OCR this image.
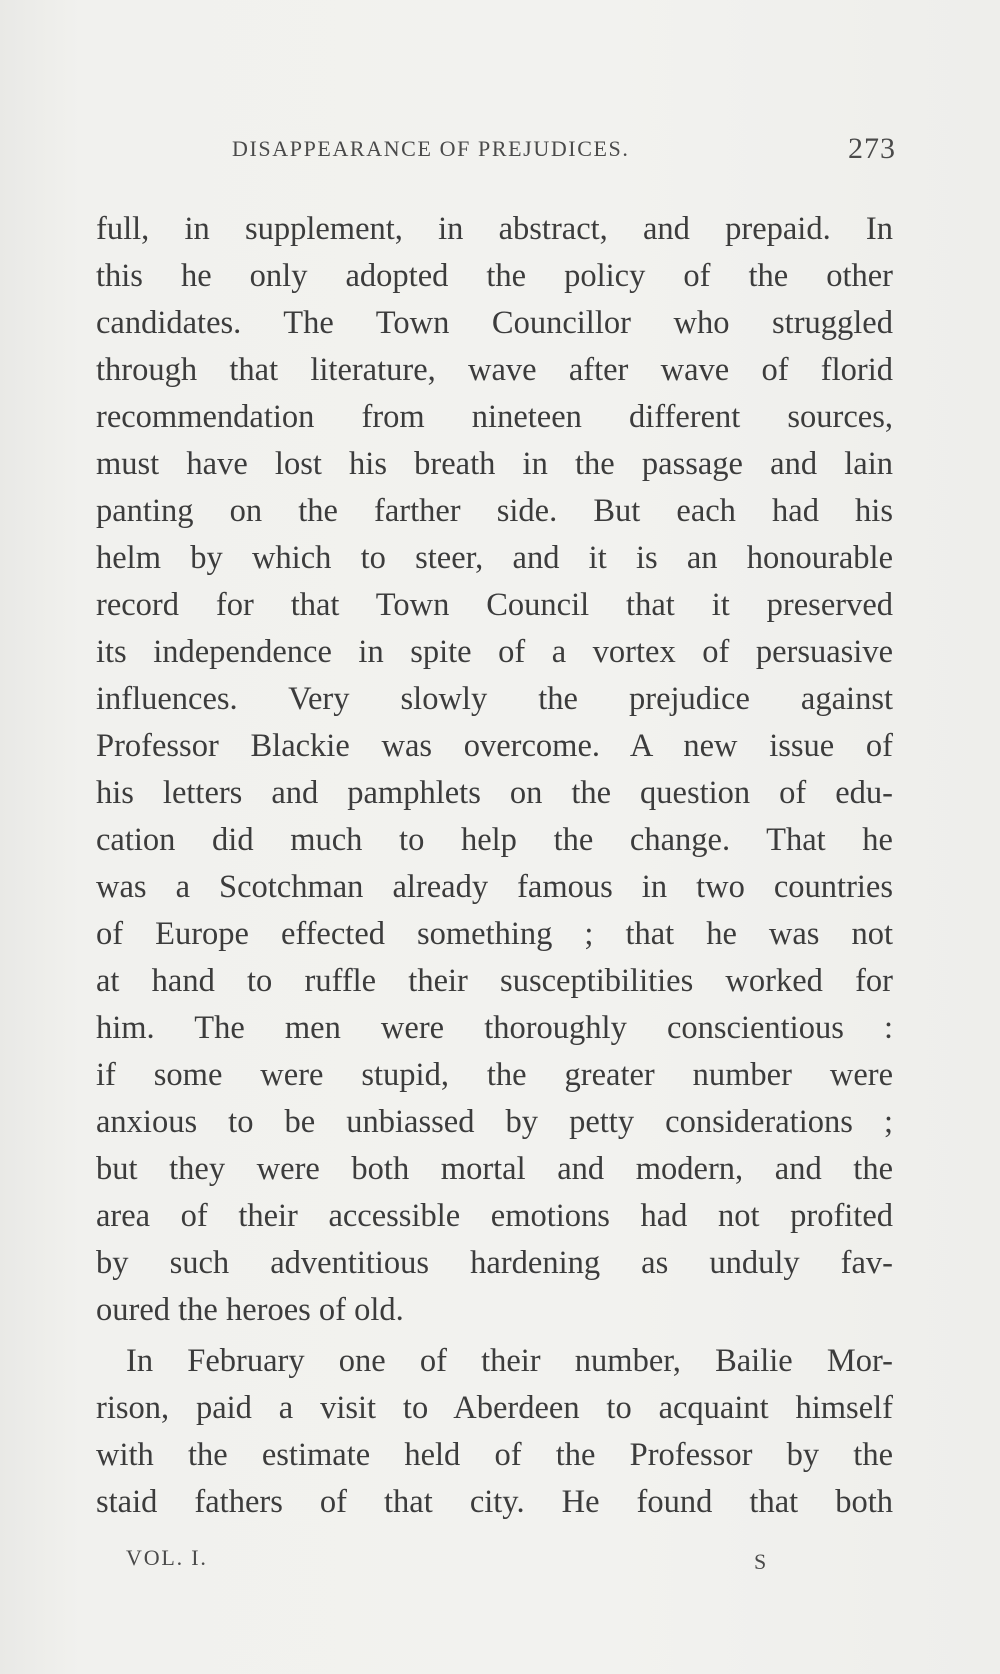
DISAPPEARANCE OF PREJUDICES.	273
full, in supplement, in abstract, and prepaid. In
this he only adopted the policy of the other
candidates. The Town Councillor who struggled
through that literature, wave after wave of florid
recommendation from nineteen different sources,
must have lost his breath in the passage and lain
panting on the farther side. But each had his
helm by which to steer, and it is an honourable
record for that Town Council that it preserved
its independence in spite of a vortex of persuasive
influences. Very slowly the prejudice against
Professor Blackie was overcome. A new issue of
his letters and pamphlets on the question of edu-
cation did much to help the change. That he
was a Scotchman already famous in two countries
of Europe effected something ; that he was not
at hand to ruffle their susceptibilities worked for
him. The men were thoroughly conscientious :
if some were stupid, the greater number were
anxious to be unbiassed by petty considerations ;
but they were both mortal and modern, and the
area of their accessible emotions had not profited
by such adventitious hardening as unduly fav-
oured the heroes of old.
In February one of their number, Bailie Mor-
rison, paid a visit to Aberdeen to acquaint himself
with the estimate held of the Professor by the
staid fathers of that city. He found that both
VOL. I.	S
